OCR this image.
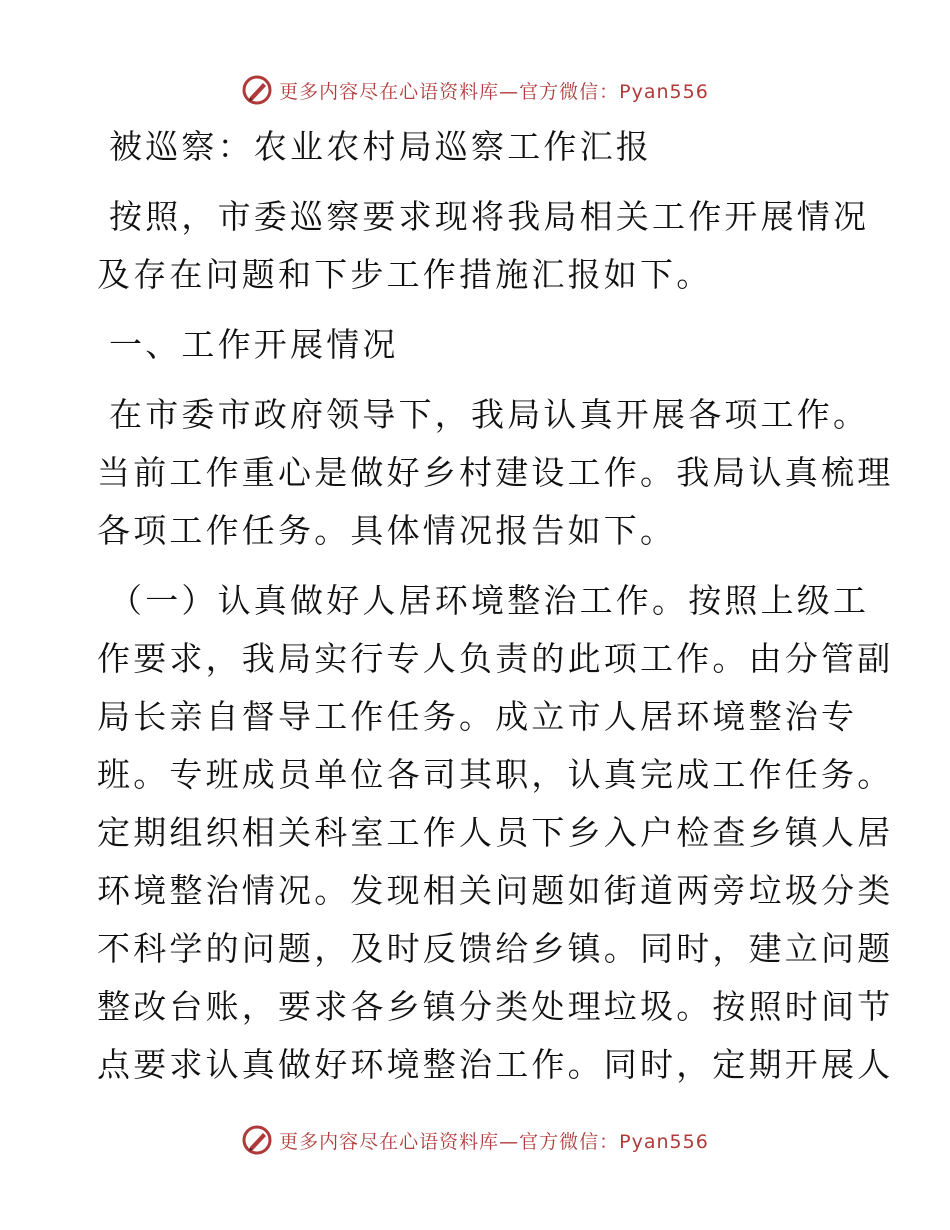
更多内容尽在心语资料库—官方微信：Pyan556
被巡察：农业农村局巡察工作汇报
按照，市委巡察要求现将我局相关工作开展情况
及存在问题和下步工作措施汇报如下。
一、工作开展情况
在市委市政府领导下，我局认真开展各项工作。
当前工作重心是做好乡村建设工作。我局认真梳理
各项工作任务。具体情况报告如下。
（一）认真做好人居环境整治工作。按照上级工
作要求，我局实行专人负责的此项工作。由分管副
局长亲自督导工作任务。成立市人居环境整治专
班。专班成员单位各司其职，认真完成工作任务。
定期组织相关科室工作人员下乡入户检查乡镇人居
环境整治情况。发现相关问题如街道两旁垃圾分类
不科学的问题，及时反馈给乡镇。同时，建立问题
整改台账，要求各乡镇分类处理垃圾。按照时间节
点要求认真做好环境整治工作。同时，定期开展人
更多内容尽在心语资料库—官方微信：Pyan556
